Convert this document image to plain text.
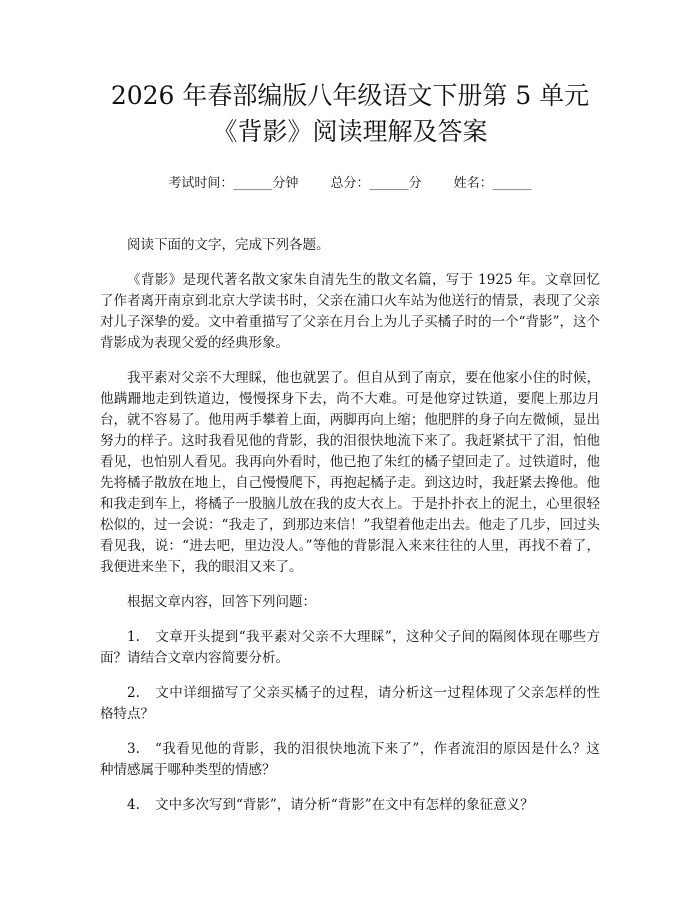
2026 年春部编版八年级语文下册第 5 单元
《背影》阅读理解及答案
考试时间：______分钟 总分：______分 姓名：______

阅读下面的文字，完成下列各题。

《背影》是现代著名散文家朱自清先生的散文名篇，写于 1925 年。文章回忆了作者离开南京到北京大学读书时，父亲在浦口火车站为他送行的情景，表现了父亲对儿子深挚的爱。文中着重描写了父亲在月台上为儿子买橘子时的一个“背影”，这个背影成为表现父爱的经典形象。

我平素对父亲不大理睬，他也就罢了。但自从到了南京，要在他家小住的时候，他蹒跚地走到铁道边，慢慢探身下去，尚不大难。可是他穿过铁道，要爬上那边月台，就不容易了。他用两手攀着上面，两脚再向上缩；他肥胖的身子向左微倾，显出努力的样子。这时我看见他的背影，我的泪很快地流下来了。我赶紧拭干了泪，怕他看见，也怕别人看见。我再向外看时，他已抱了朱红的橘子望回走了。过铁道时，他先将橘子散放在地上，自己慢慢爬下，再抱起橘子走。到这边时，我赶紧去搀他。他和我走到车上，将橘子一股脑儿放在我的皮大衣上。于是扑扑衣上的泥土，心里很轻松似的，过一会说：“我走了，到那边来信！”我望着他走出去。他走了几步，回过头看见我，说：“进去吧，里边没人。”等他的背影混入来来往往的人里，再找不着了，我便进来坐下，我的眼泪又来了。

根据文章内容，回答下列问题：

1. 文章开头提到“我平素对父亲不大理睬”，这种父子间的隔阂体现在哪些方面？请结合文章内容简要分析。
2. 文中详细描写了父亲买橘子的过程，请分析这一过程体现了父亲怎样的性格特点？
3. “我看见他的背影，我的泪很快地流下来了”，作者流泪的原因是什么？这种情感属于哪种类型的情感？
4. 文中多次写到“背影”，请分析“背影”在文中有怎样的象征意义？
